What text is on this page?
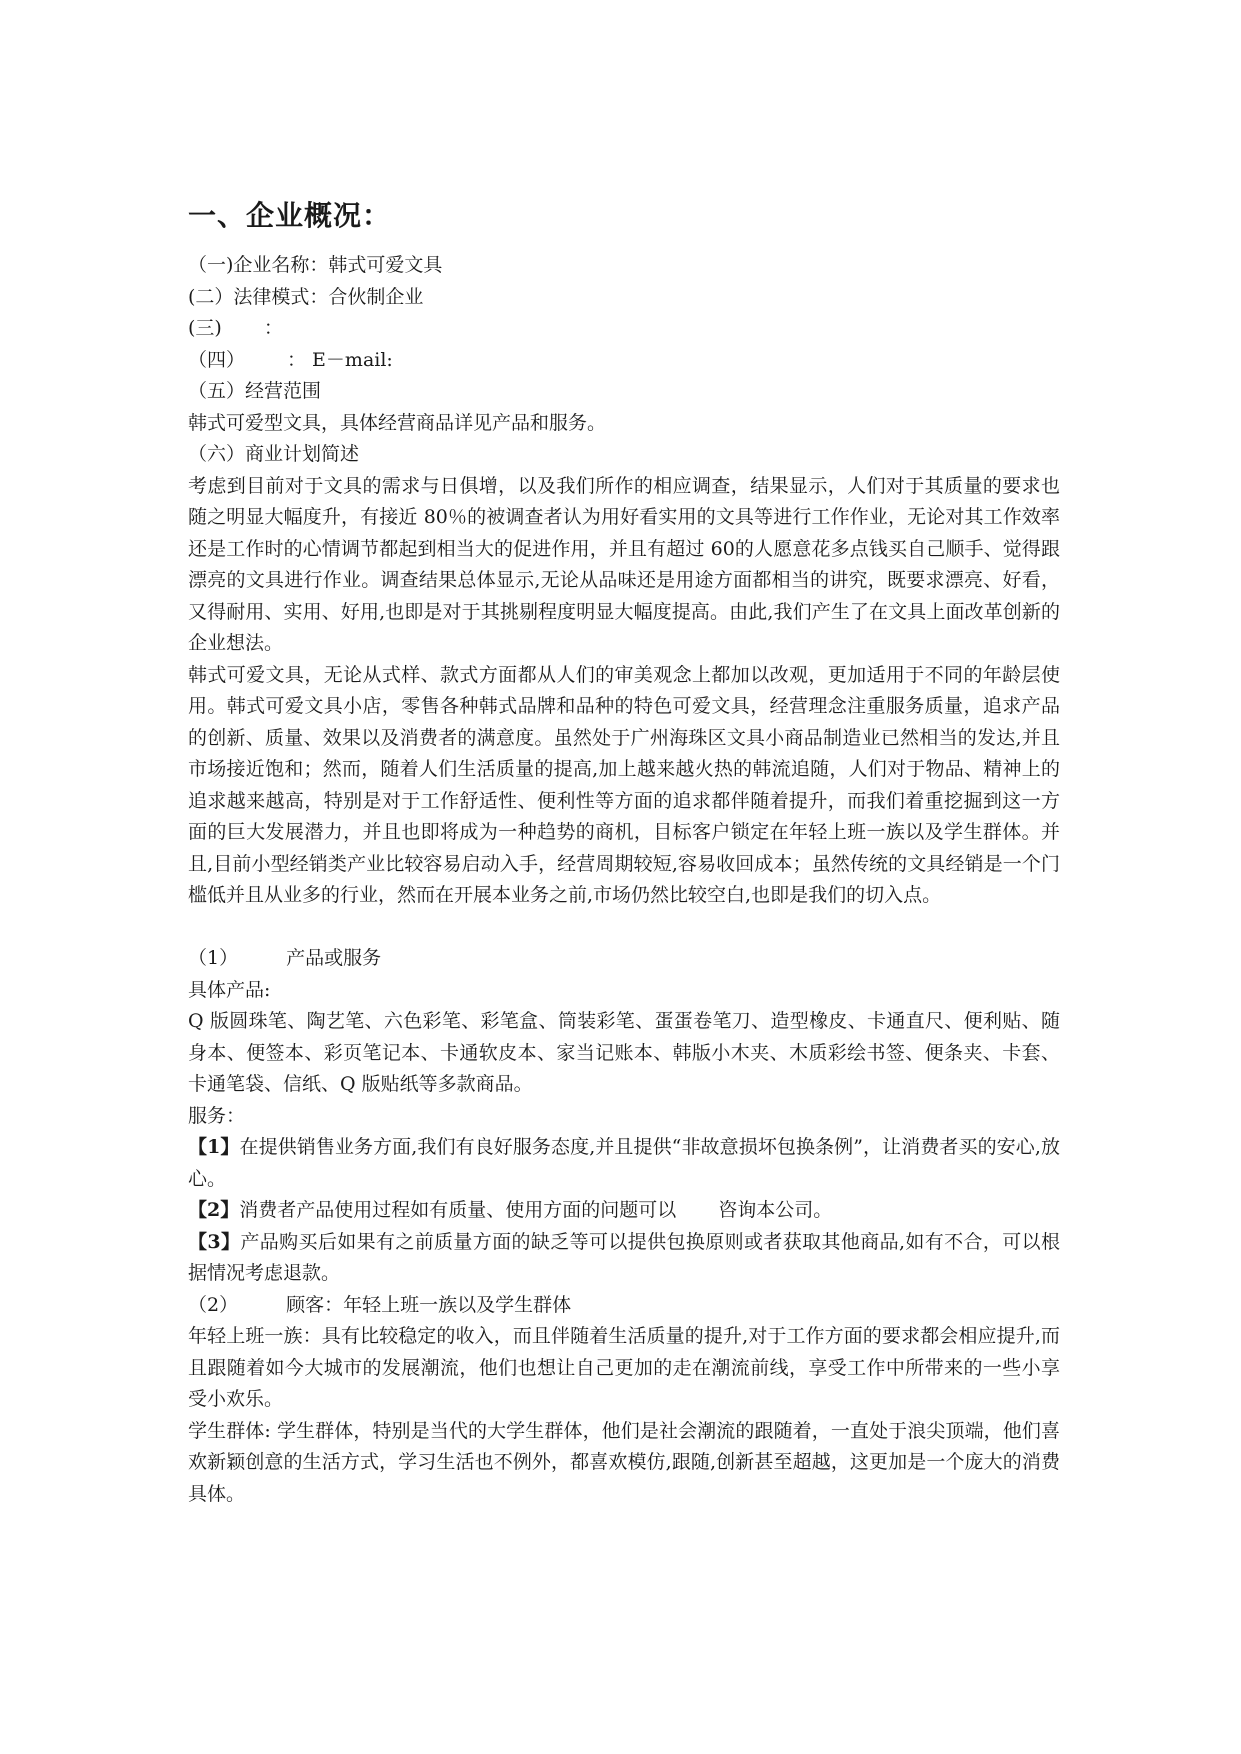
一、企业概况：
（一)企业名称：韩式可爱文具
(二）法律模式：合伙制企业
(三) ：
（四） ： E－mail:
（五）经营范围
韩式可爱型文具，具体经营商品详见产品和服务。
（六）商业计划简述
考虑到目前对于文具的需求与日俱增，以及我们所作的相应调查，结果显示，人们对于其质量的要求也随之明显大幅度升，有接近 80％的被调查者认为用好看实用的文具等进行工作作业，无论对其工作效率还是工作时的心情调节都起到相当大的促进作用，并且有超过 60的人愿意花多点钱买自己顺手、觉得跟漂亮的文具进行作业。调查结果总体显示,无论从品味还是用途方面都相当的讲究，既要求漂亮、好看，又得耐用、实用、好用,也即是对于其挑剔程度明显大幅度提高。由此,我们产生了在文具上面改革创新的企业想法。
韩式可爱文具，无论从式样、款式方面都从人们的审美观念上都加以改观，更加适用于不同的年龄层使用。韩式可爱文具小店，零售各种韩式品牌和品种的特色可爱文具，经营理念注重服务质量，追求产品的创新、质量、效果以及消费者的满意度。虽然处于广州海珠区文具小商品制造业已然相当的发达,并且市场接近饱和；然而，随着人们生活质量的提高,加上越来越火热的韩流追随，人们对于物品、精神上的追求越来越高，特别是对于工作舒适性、便利性等方面的追求都伴随着提升，而我们着重挖掘到这一方面的巨大发展潜力，并且也即将成为一种趋势的商机，目标客户锁定在年轻上班一族以及学生群体。并且,目前小型经销类产业比较容易启动入手，经营周期较短,容易收回成本；虽然传统的文具经销是一个门槛低并且从业多的行业，然而在开展本业务之前,市场仍然比较空白,也即是我们的切入点。
（1）	产品或服务
具体产品:
Q 版圆珠笔、陶艺笔、六色彩笔、彩笔盒、筒装彩笔、蛋蛋卷笔刀、造型橡皮、卡通直尺、便利贴、随身本、便签本、彩页笔记本、卡通软皮本、家当记账本、韩版小木夹、木质彩绘书签、便条夹、卡套、卡通笔袋、信纸、Q 版贴纸等多款商品。
服务：
【1】在提供销售业务方面,我们有良好服务态度,并且提供“非故意损坏包换条例”，让消费者买的安心,放心。
【2】消费者产品使用过程如有质量、使用方面的问题可以 咨询本公司。
【3】产品购买后如果有之前质量方面的缺乏等可以提供包换原则或者获取其他商品,如有不合，可以根据情况考虑退款。
（2）	顾客：年轻上班一族以及学生群体
年轻上班一族：具有比较稳定的收入，而且伴随着生活质量的提升,对于工作方面的要求都会相应提升,而且跟随着如今大城市的发展潮流，他们也想让自己更加的走在潮流前线，享受工作中所带来的一些小享受小欢乐。
学生群体: 学生群体，特别是当代的大学生群体，他们是社会潮流的跟随着，一直处于浪尖顶端，他们喜欢新颖创意的生活方式，学习生活也不例外，都喜欢模仿,跟随,创新甚至超越，这更加是一个庞大的消费具体。
